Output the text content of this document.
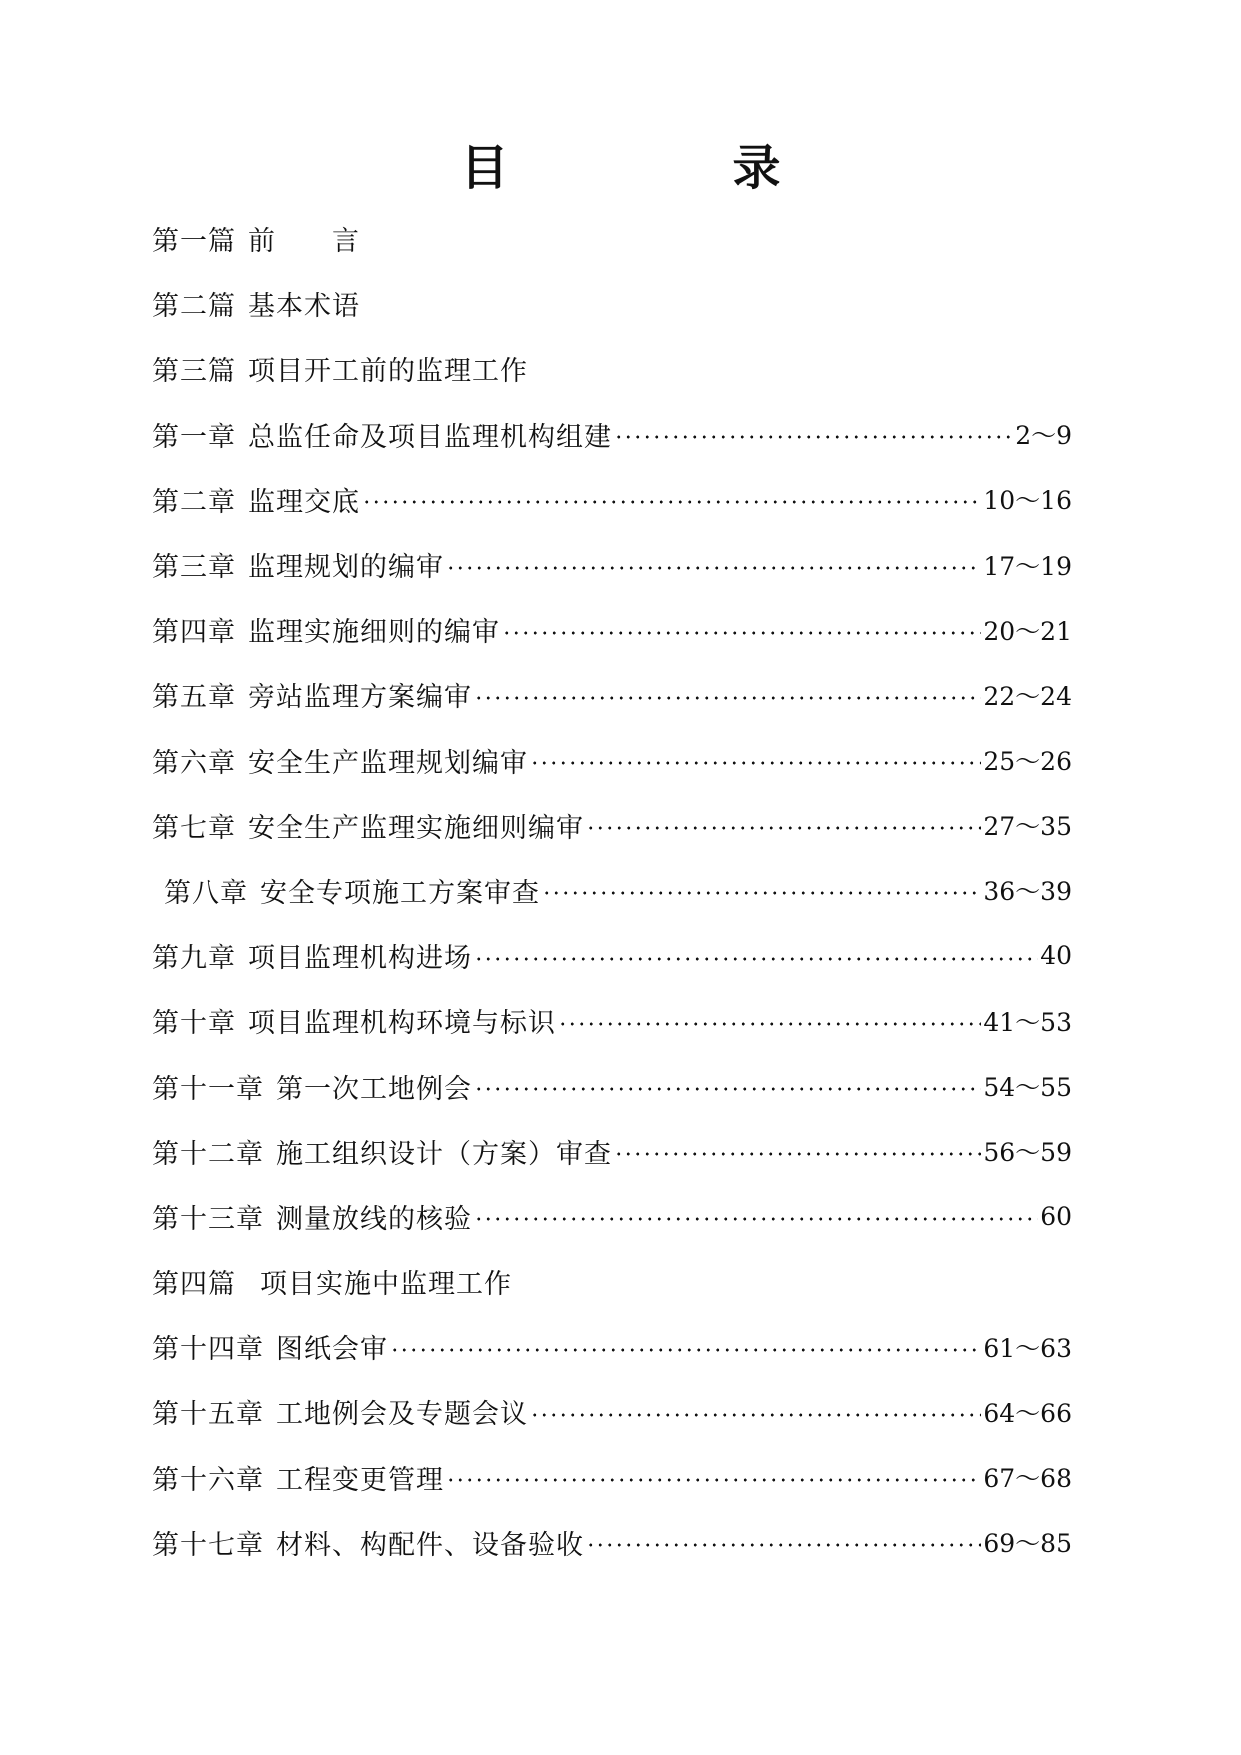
目　录
第一篇 前　　言
第二篇 基本术语
第三篇 项目开工前的监理工作
第一章 总监任命及项目监理机构组建	2～9
第二章 监理交底	10～16
第三章 监理规划的编审	17～19
第四章 监理实施细则的编审	20～21
第五章 旁站监理方案编审	22～24
第六章 安全生产监理规划编审	25～26
第七章 安全生产监理实施细则编审	27～35
第八章 安全专项施工方案审查	36～39
第九章 项目监理机构进场	40
第十章 项目监理机构环境与标识	41～53
第十一章 第一次工地例会	54～55
第十二章 施工组织设计（方案）审查	56～59
第十三章 测量放线的核验	60
第四篇 项目实施中监理工作
第十四章 图纸会审	61～63
第十五章 工地例会及专题会议	64～66
第十六章 工程变更管理	67～68
第十七章 材料、构配件、设备验收	69～85
